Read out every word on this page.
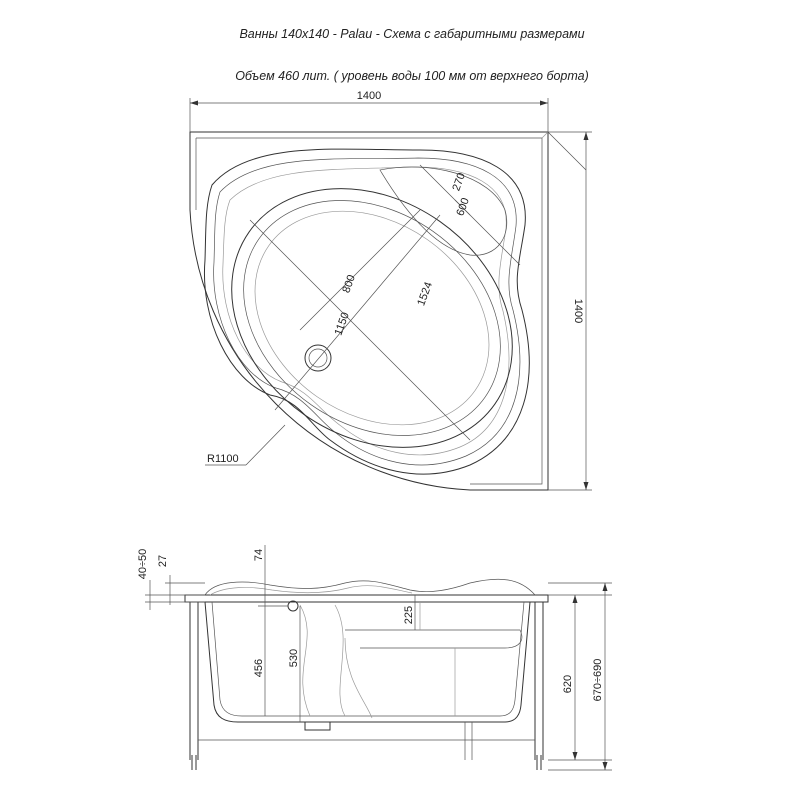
Ванны 140х140 - Palau - Схема с габаритными размерами
Объем 460 лит. ( уровень воды 100 мм от верхнего борта)
1400
1400
800
1150
1524
270
600
R1100
40÷50 27	74
456
530
225
620 670÷690
